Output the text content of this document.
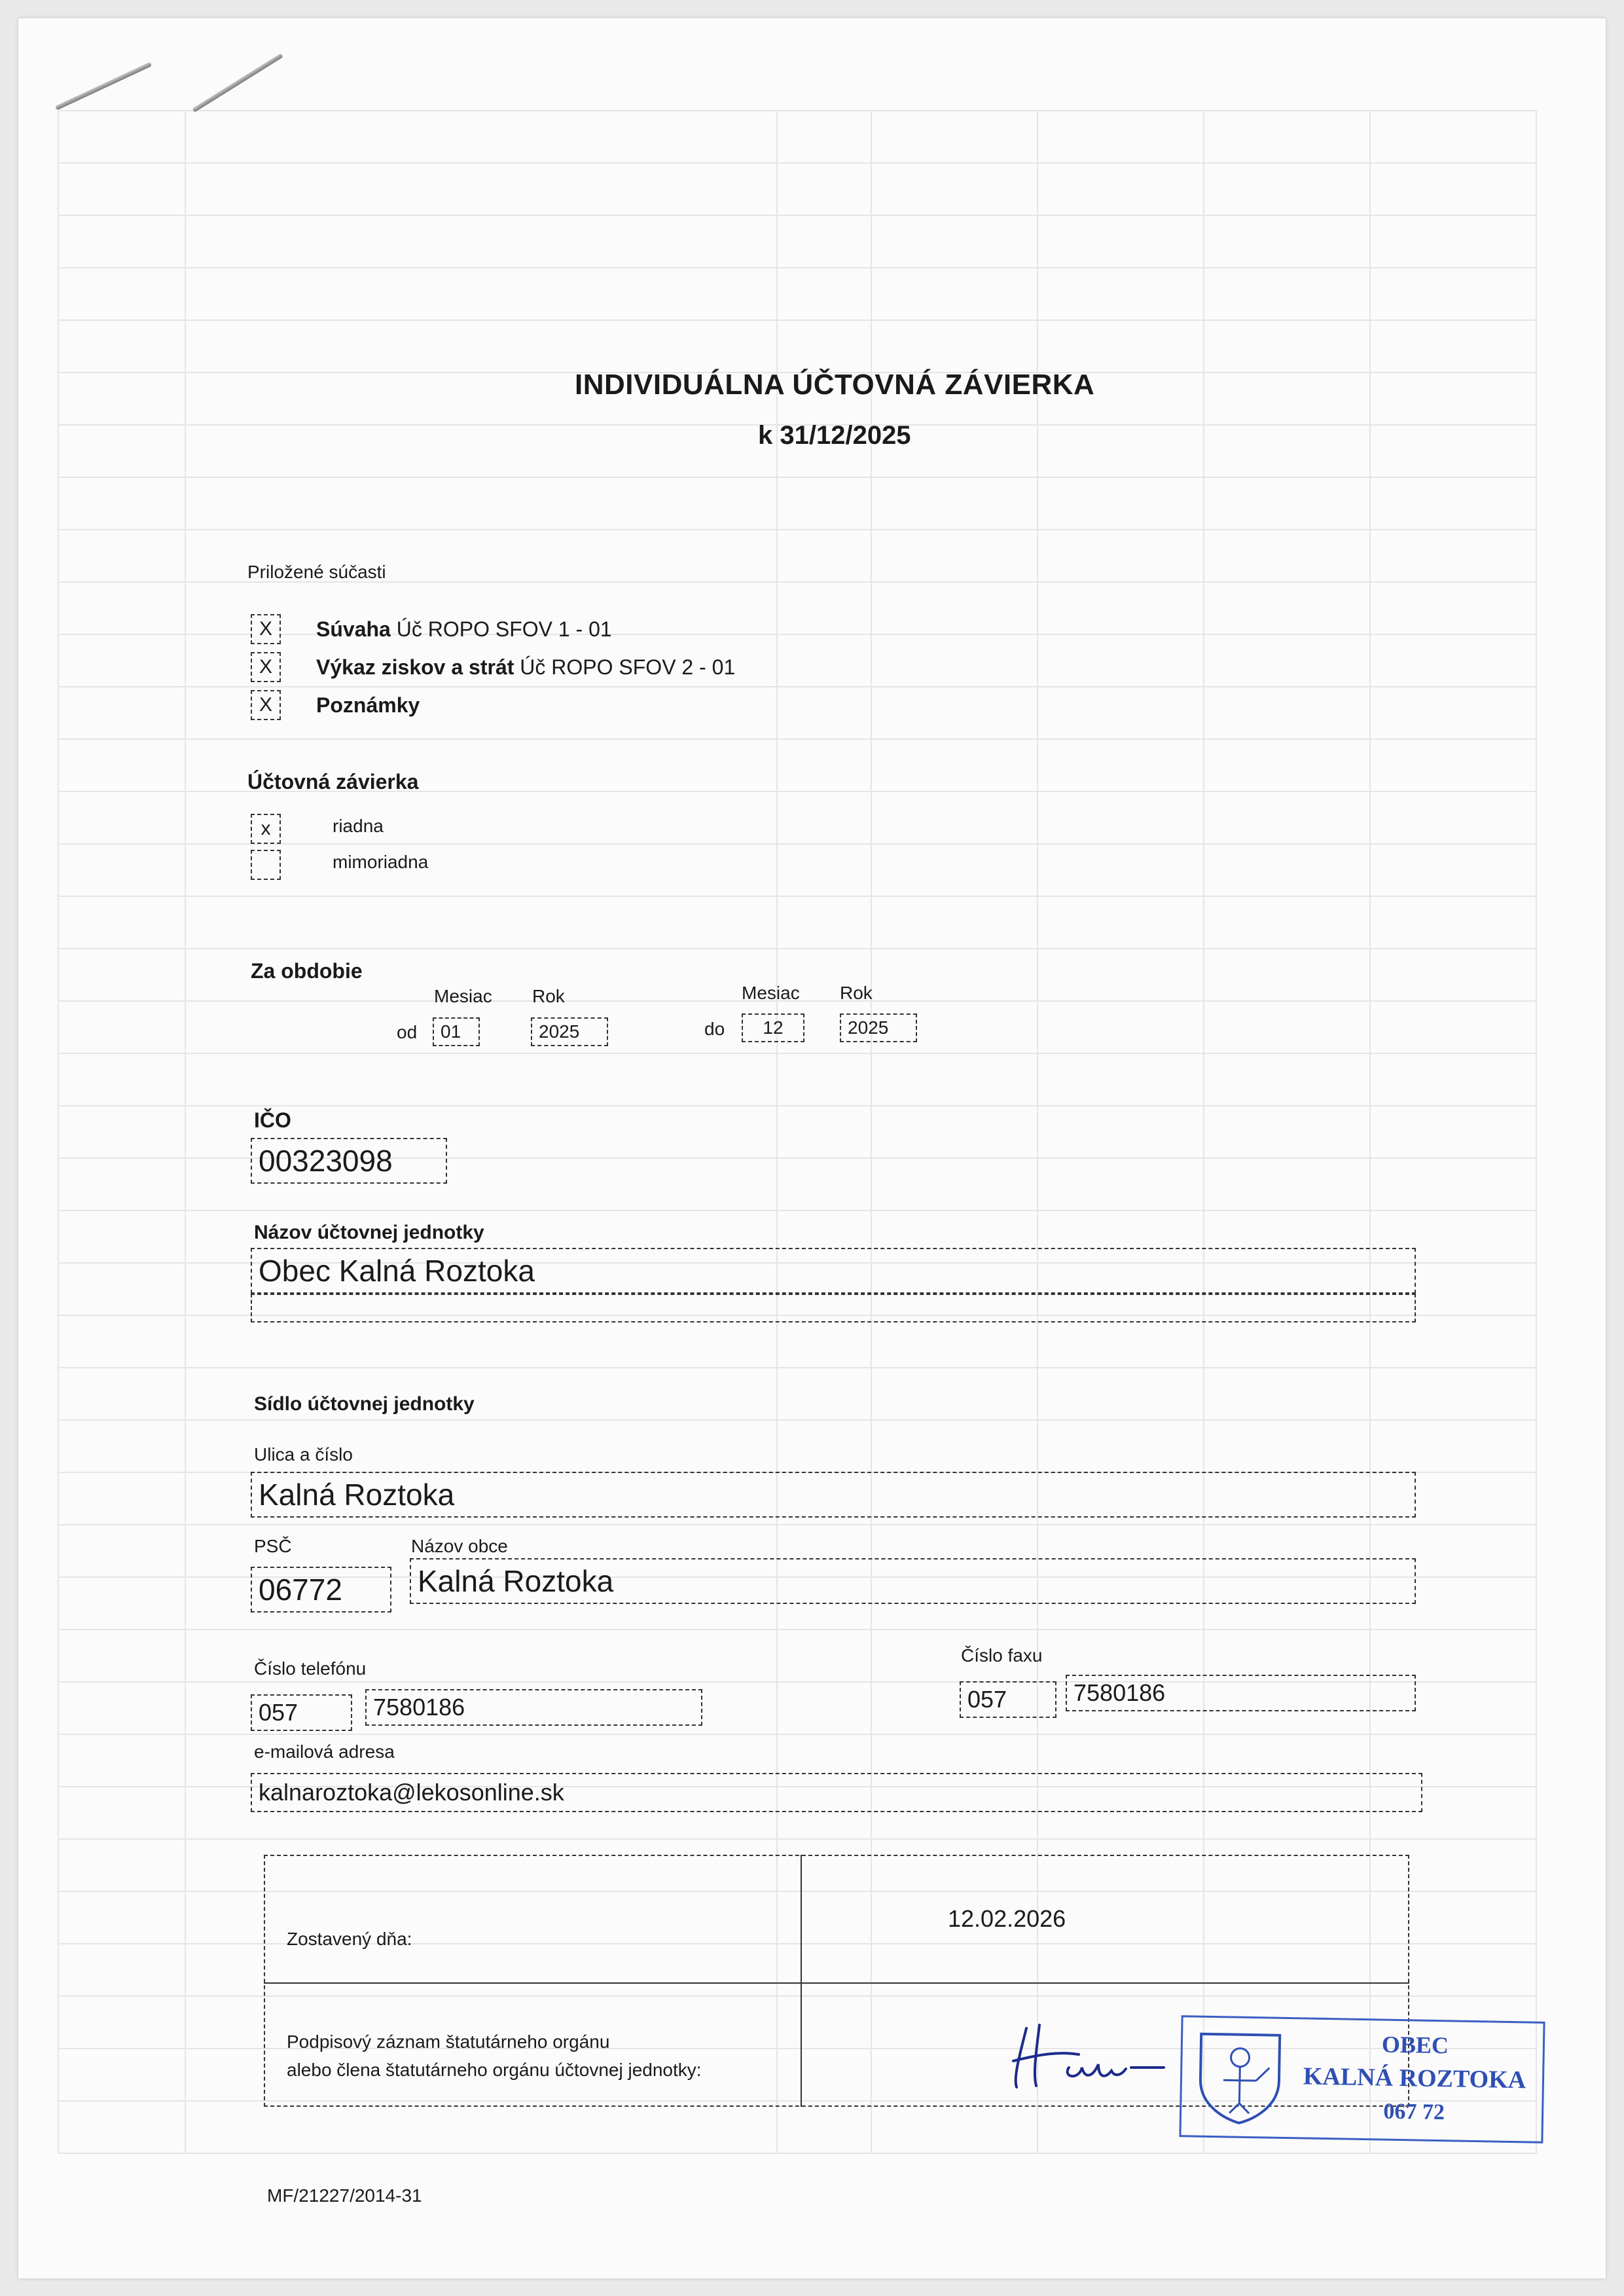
INDIVIDUÁLNA ÚČTOVNÁ ZÁVIERKA
k 31/12/2025
Priložené súčasti
X	Súvaha Úč ROPO SFOV 1 - 01
X	Výkaz ziskov a strát Úč ROPO SFOV 2 - 01
X	Poznámky
Účtovná závierka
x	riadna
mimoriadna
Za obdobie
Mesiac Rok
od	01	2025
Mesiac Rok
do	12	2025
IČO
00323098
Názov účtovnej jednotky
Obec Kalná Roztoka
Sídlo účtovnej jednotky
Ulica a číslo
Kalná Roztoka
PSČ	Názov obce
06772	Kalná Roztoka
Číslo telefónu
057	7580186
Číslo faxu
057	7580186
e-mailová adresa
kalnaroztoka@lekosonline.sk
Zostavený dňa:
12.02.2026
Podpisový záznam štatutárneho orgánu
alebo člena štatutárneho orgánu účtovnej jednotky:
OBEC
KALNÁ ROZTOKA
067 72
MF/21227/2014-31
